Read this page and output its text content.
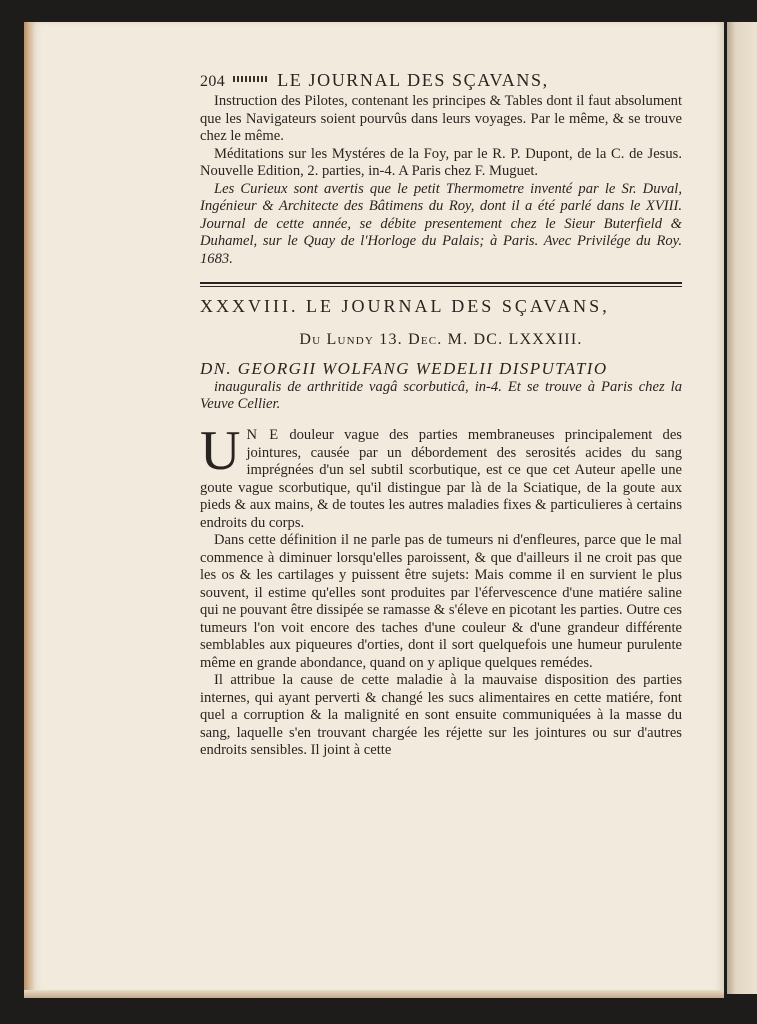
204	LE JOURNAL DES SÇAVANS,

Instruction des Pilotes, contenant les principes & Tables dont il faut absolument que les Navigateurs soient pourvûs dans leurs voyages. Par le même, & se trouve chez le même.

Méditations sur les Mystéres de la Foy, par le R. P. Dupont, de la C. de Jesus. Nouvelle Edition, 2. parties, in-4. A Paris chez F. Muguet.

Les Curieux sont avertis que le petit Thermometre inventé par le Sr. Duval, Ingénieur & Architecte des Bâtimens du Roy, dont il a été parlé dans le XVIII. Journal de cette année, se débite presentement chez le Sieur Buterfield & Duhamel, sur le Quay de l'Horloge du Palais; à Paris. Avec Privilége du Roy. 1683.

XXXVIII. LE JOURNAL DES SÇAVANS,
Du Lundy 13. Dec. M. DC. LXXXIII.
DN. GEORGII WOLFANG WEDELII DISPUTATIO

inauguralis de arthritide vagâ scorbuticâ, in-4. Et se trouve à Paris chez la Veuve Cellier.

U N E douleur vague des parties membraneuses principalement des jointures, causée par un débordement des serosités acides du sang imprégnées d'un sel subtil scorbutique, est ce que cet Auteur apelle une goute vague scorbutique, qu'il distingue par là de la Sciatique, de la goute aux pieds & aux mains, & de toutes les autres maladies fixes & particulieres à certains endroits du corps.

Dans cette définition il ne parle pas de tumeurs ni d'enfleures, parce que le mal commence à diminuer lorsqu'elles paroissent, & que d'ailleurs il ne croit pas que les os & les cartilages y puissent être sujets: Mais comme il en survient le plus souvent, il estime qu'elles sont produites par l'éfervescence d'une matiére saline qui ne pouvant être dissipée se ramasse & s'éleve en picotant les parties. Outre ces tumeurs l'on voit encore des taches d'une couleur & d'une grandeur différente semblables aux piqueures d'orties, dont il sort quelquefois une humeur purulente même en grande abondance, quand on y aplique quelques remédes.

Il attribue la cause de cette maladie à la mauvaise disposition des parties internes, qui ayant perverti & changé les sucs alimentaires en cette matiére, font quel a corruption & la malignité en sont ensuite communiquées à la masse du sang, laquelle s'en trouvant chargée les réjette sur les jointures ou sur d'autres endroits sensibles. Il joint à cette
